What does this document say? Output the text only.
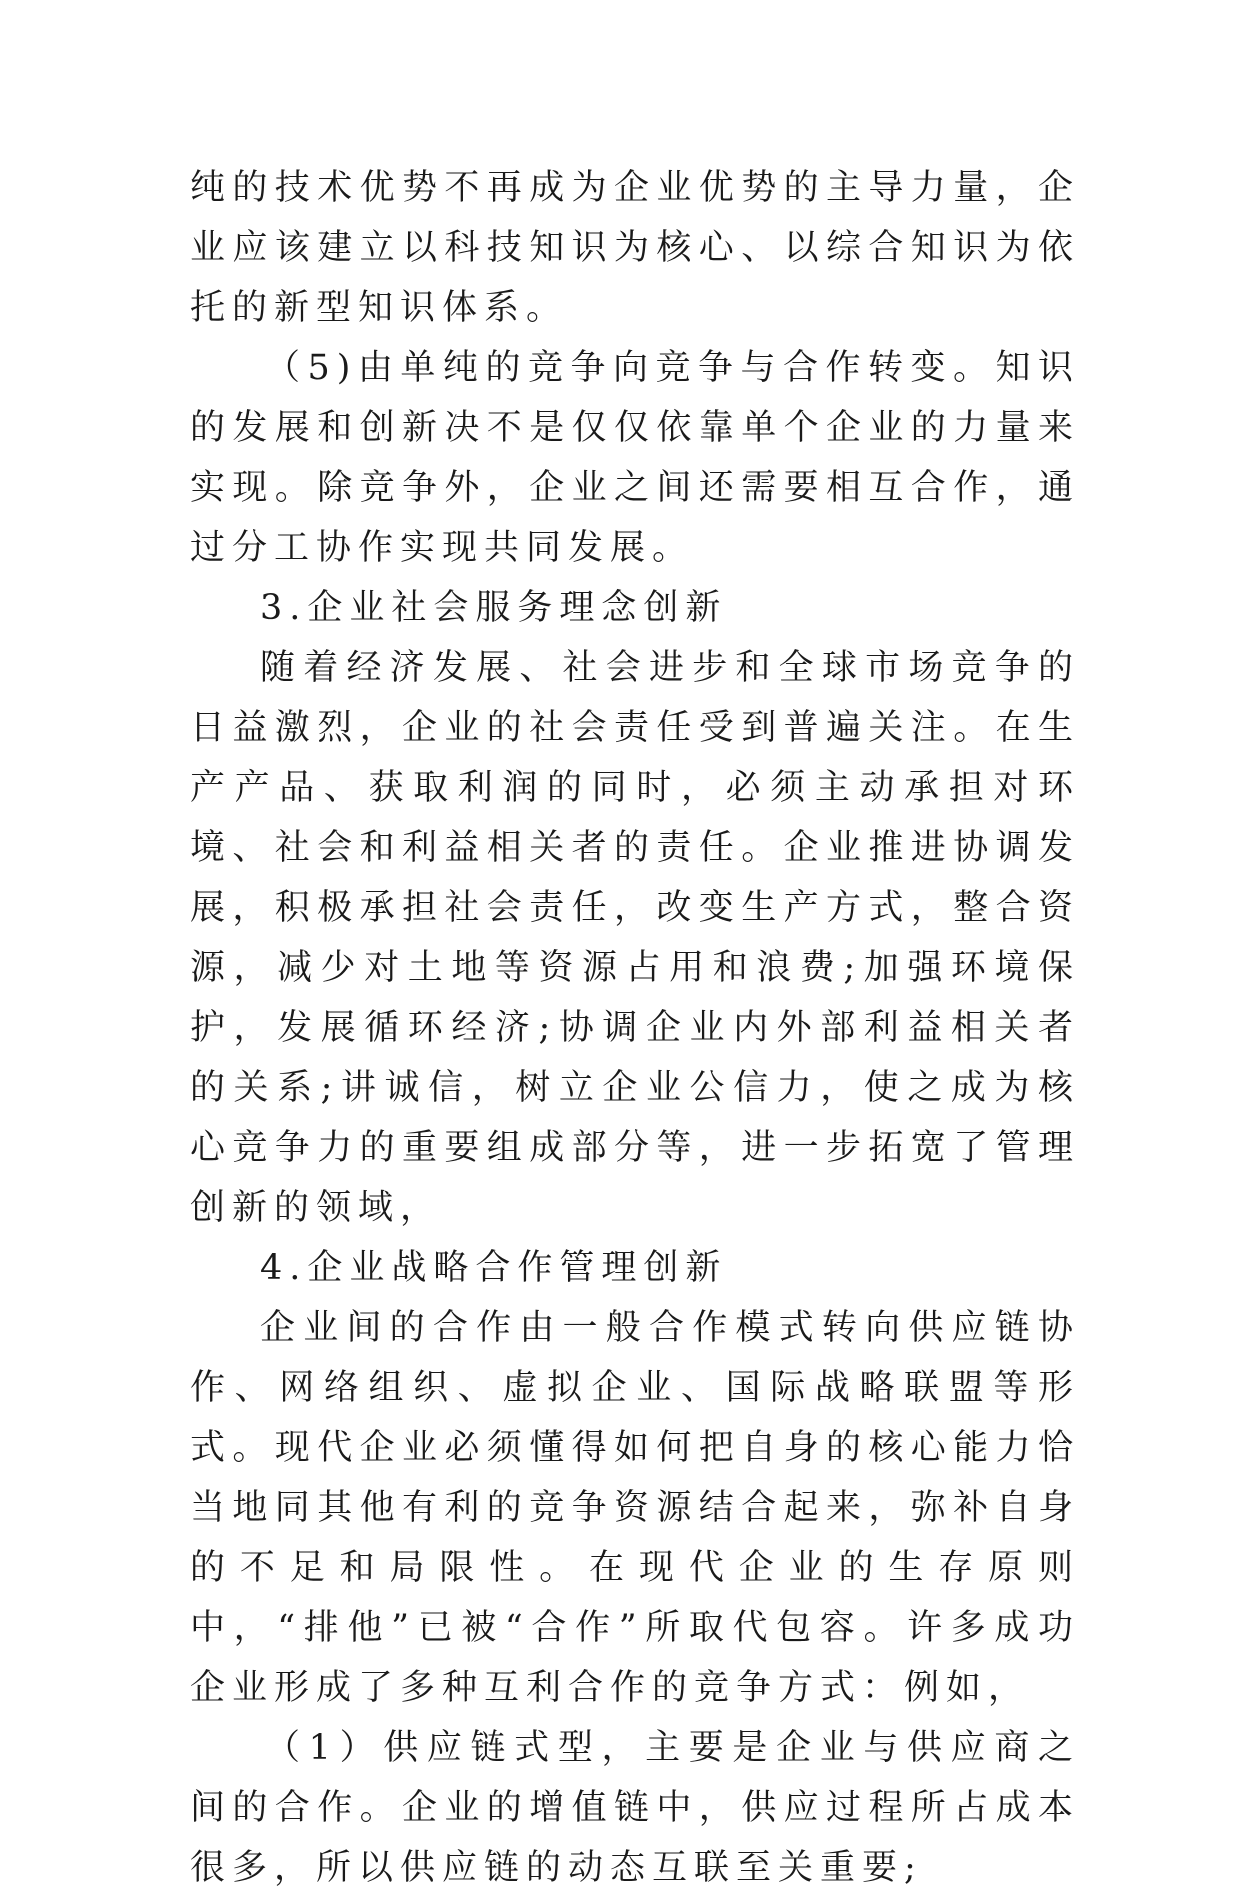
纯的技术优势不再成为企业优势的主导力量，企业应该建立以科技知识为核心、以综合知识为依托的新型知识体系。

（5)由单纯的竞争向竞争与合作转变。知识的发展和创新决不是仅仅依靠单个企业的力量来实现。除竞争外，企业之间还需要相互合作，通过分工协作实现共同发展。

3.企业社会服务理念创新

随着经济发展、社会进步和全球市场竞争的日益激烈，企业的社会责任受到普遍关注。在生产产品、获取利润的同时，必须主动承担对环境、社会和利益相关者的责任。企业推进协调发展，积极承担社会责任，改变生产方式，整合资源，减少对土地等资源占用和浪费;加强环境保护，发展循环经济;协调企业内外部利益相关者的关系;讲诚信，树立企业公信力，使之成为核心竞争力的重要组成部分等，进一步拓宽了管理创新的领域，

4.企业战略合作管理创新

企业间的合作由一般合作模式转向供应链协作、网络组织、虚拟企业、国际战略联盟等形式。现代企业必须懂得如何把自身的核心能力恰当地同其他有利的竞争资源结合起来，弥补自身的不足和局限性。在现代企业的生存原则中，“排他”已被“合作”所取代包容。许多成功企业形成了多种互利合作的竞争方式：例如，

（1）供应链式型，主要是企业与供应商之间的合作。企业的增值链中，供应过程所占成本很多，所以供应链的动态互联至关重要;
